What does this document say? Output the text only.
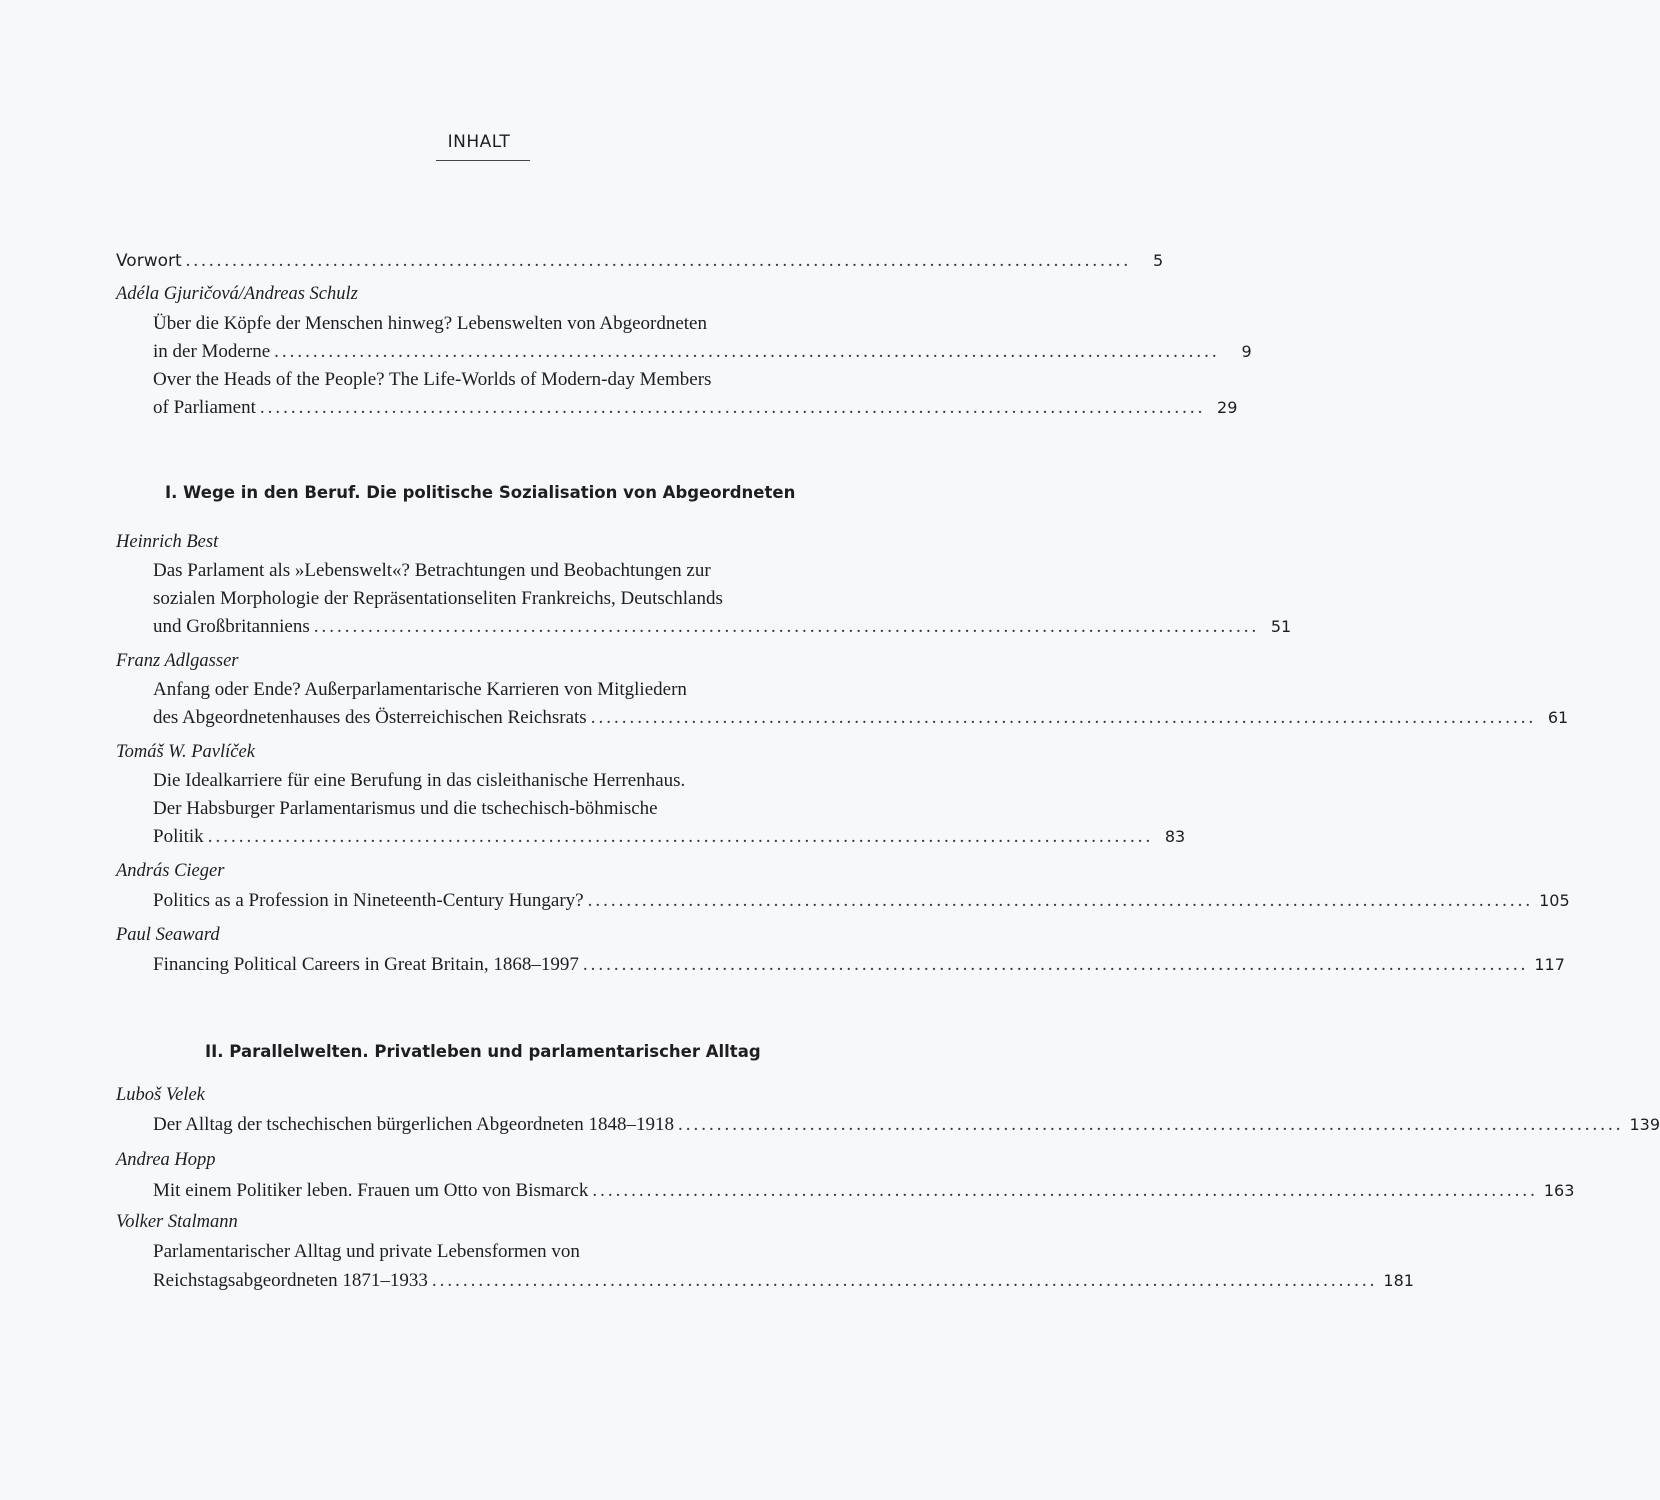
INHALT
Vorwort ..........................................................................................................................	5
Adéla Gjuričová/Andreas Schulz
Über die Köpfe der Menschen hinweg? Lebenswelten von Abgeordneten
in der Moderne ..........................................................................................................................	9
Over the Heads of the People? The Life-Worlds of Modern-day Members
of Parliament .......................................................................................................................... 29
I. Wege in den Beruf. Die politische Sozialisation von Abgeordneten
Heinrich Best
Das Parlament als »Lebenswelt«? Betrachtungen und Beobachtungen zur
sozialen Morphologie der Repräsentationseliten Frankreichs, Deutschlands
und Großbritanniens .......................................................................................................................... 51
Franz Adlgasser
Anfang oder Ende? Außerparlamentarische Karrieren von Mitgliedern
des Abgeordnetenhauses des Österreichischen Reichsrats .......................................................................................................................... 61
Tomáš W. Pavlíček
Die Idealkarriere für eine Berufung in das cisleithanische Herrenhaus.
Der Habsburger Parlamentarismus und die tschechisch-böhmische
Politik .......................................................................................................................... 83
András Cieger
Politics as a Profession in Nineteenth-Century Hungary? .......................................................................................................................... 105
Paul Seaward
Financing Political Careers in Great Britain, 1868–1997 .......................................................................................................................... 117
II. Parallelwelten. Privatleben und parlamentarischer Alltag
Luboš Velek
Der Alltag der tschechischen bürgerlichen Abgeordneten 1848–1918 .......................................................................................................................... 139
Andrea Hopp
Mit einem Politiker leben. Frauen um Otto von Bismarck .......................................................................................................................... 163
Volker Stalmann
Parlamentarischer Alltag und private Lebensformen von
Reichstagsabgeordneten 1871–1933 .......................................................................................................................... 181
